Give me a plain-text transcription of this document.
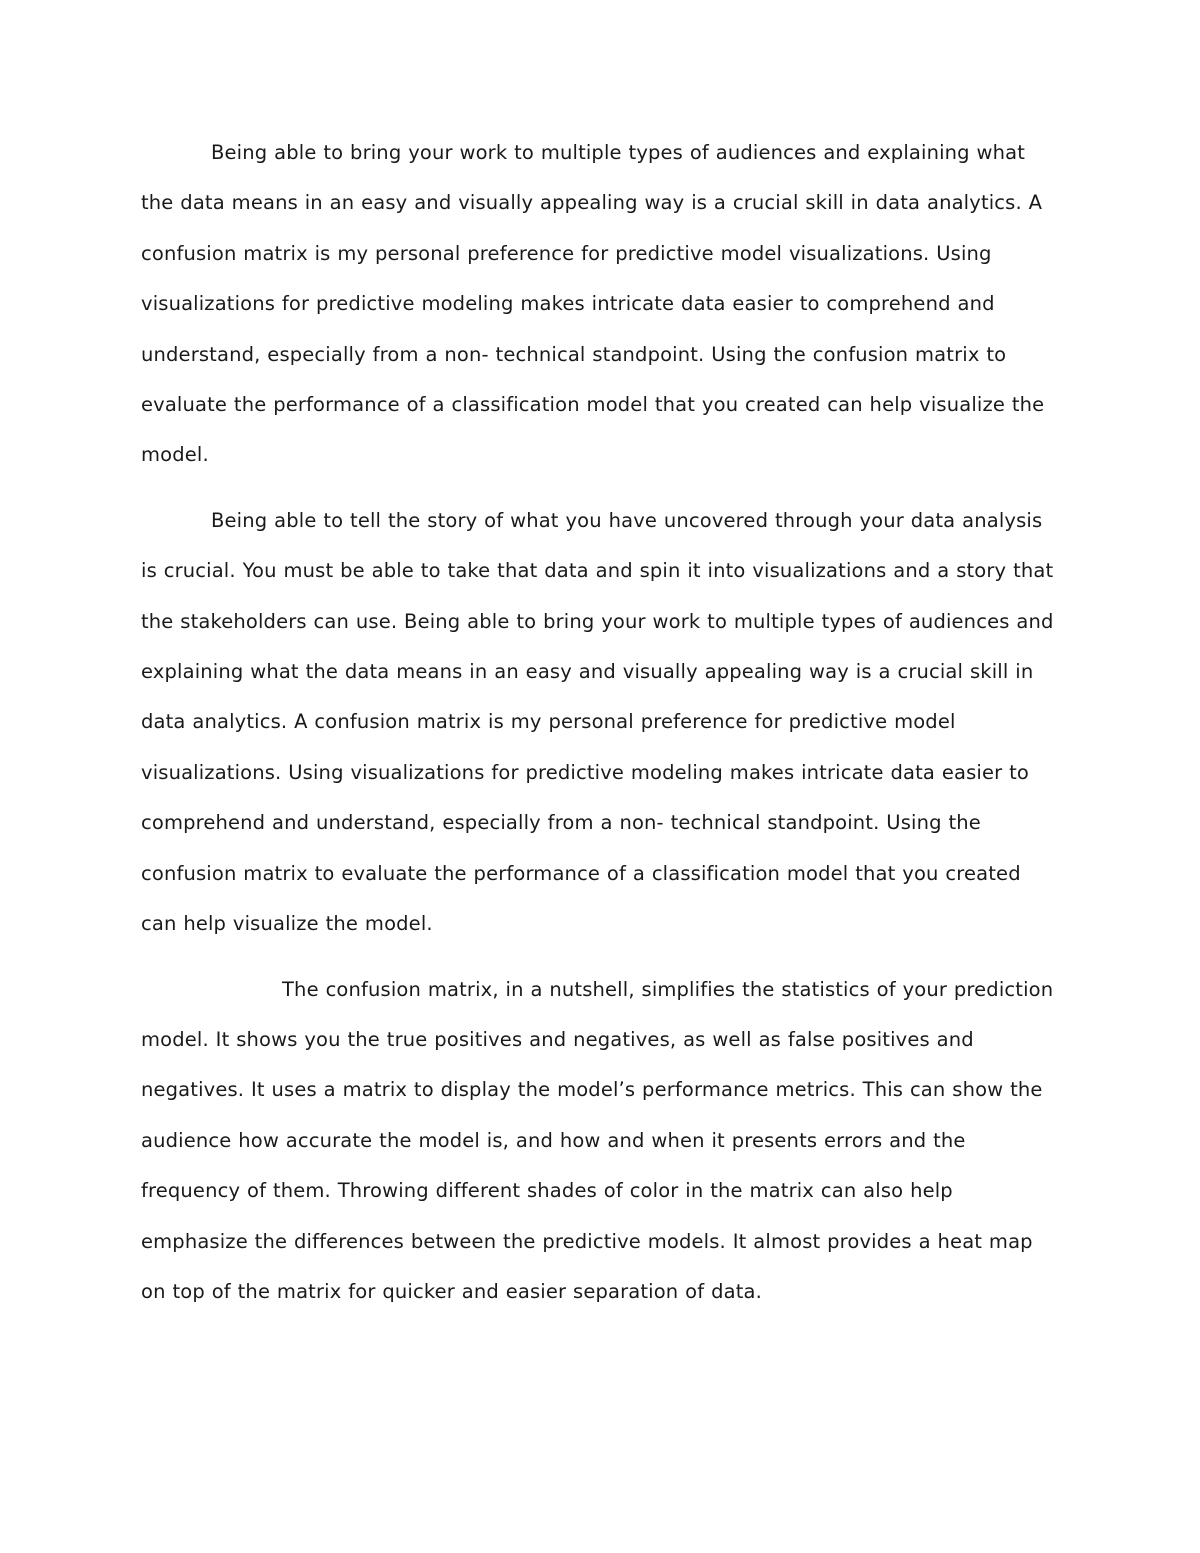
Being able to bring your work to multiple types of audiences and explaining what the data means in an easy and visually appealing way is a crucial skill in data analytics. A confusion matrix is my personal preference for predictive model visualizations. Using visualizations for predictive modeling makes intricate data easier to comprehend and understand, especially from a non- technical standpoint. Using the confusion matrix to evaluate the performance of a classification model that you created can help visualize the model.

Being able to tell the story of what you have uncovered through your data analysis is crucial. You must be able to take that data and spin it into visualizations and a story that the stakeholders can use. Being able to bring your work to multiple types of audiences and explaining what the data means in an easy and visually appealing way is a crucial skill in data analytics. A confusion matrix is my personal preference for predictive model visualizations. Using visualizations for predictive modeling makes intricate data easier to comprehend and understand, especially from a non- technical standpoint. Using the confusion matrix to evaluate the performance of a classification model that you created can help visualize the model.

The confusion matrix, in a nutshell, simplifies the statistics of your prediction model. It shows you the true positives and negatives, as well as false positives and negatives. It uses a matrix to display the model’s performance metrics. This can show the audience how accurate the model is, and how and when it presents errors and the frequency of them. Throwing different shades of color in the matrix can also help emphasize the differences between the predictive models. It almost provides a heat map on top of the matrix for quicker and easier separation of data.
